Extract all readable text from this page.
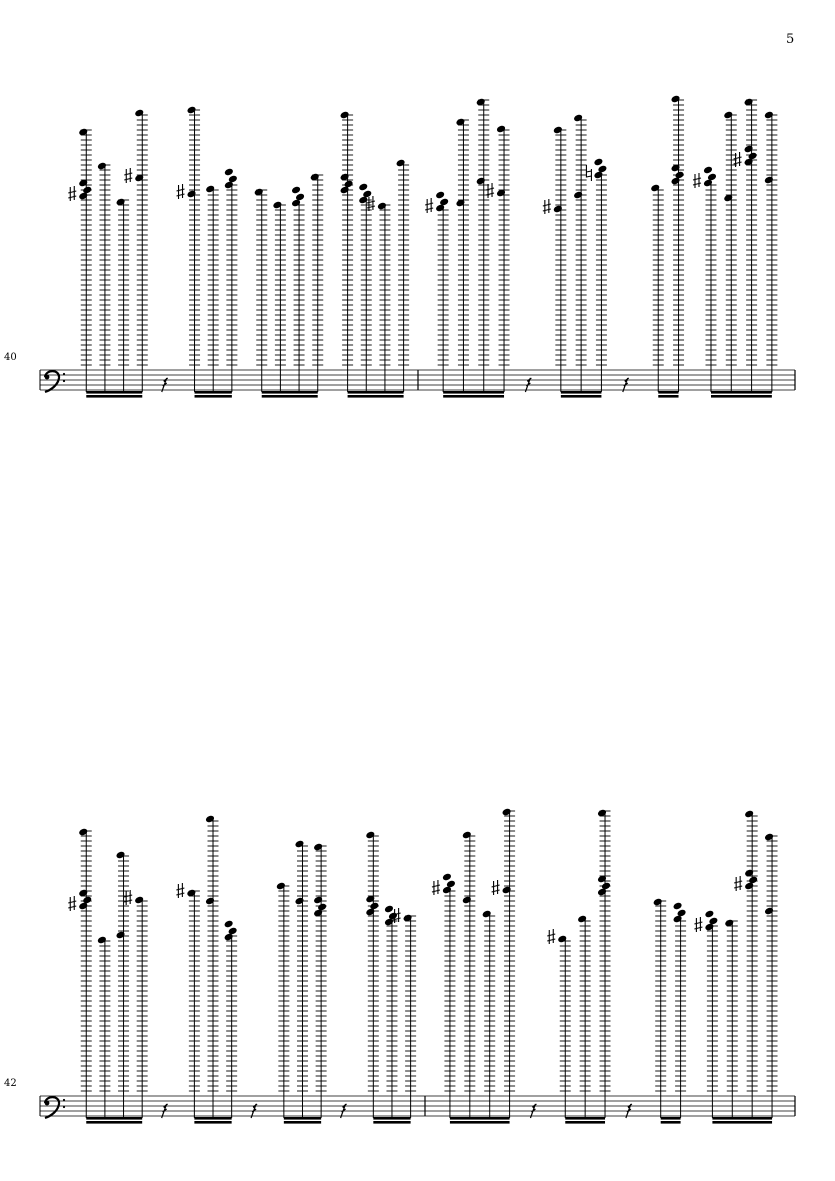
5
40
42
